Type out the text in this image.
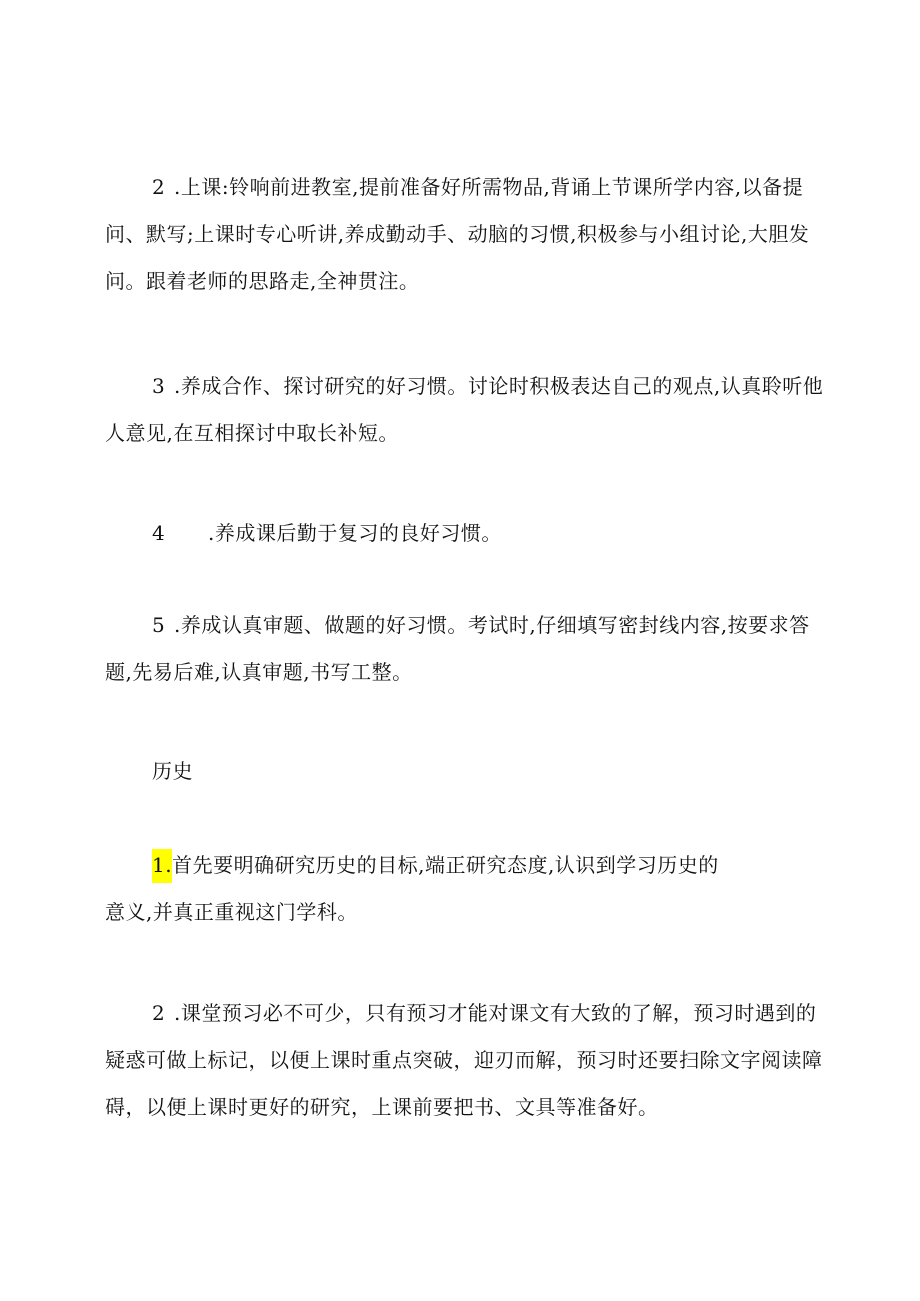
2 .上课:铃响前进教室,提前准备好所需物品,背诵上节课所学内容,以备提问、默写;上课时专心听讲,养成勤动手、动脑的习惯,积极参与小组讨论,大胆发问。跟着老师的思路走,全神贯注。

3 .养成合作、探讨研究的好习惯。讨论时积极表达自己的观点,认真聆听他人意见,在互相探讨中取长补短。

4 .养成课后勤于复习的良好习惯。

5 .养成认真审题、做题的好习惯。考试时,仔细填写密封线内容,按要求答题,先易后难,认真审题,书写工整。

历史

1.首先要明确研究历史的目标,端正研究态度,认识到学习历史的
意义,并真正重视这门学科。

2 .课堂预习必不可少，只有预习才能对课文有大致的了解，预习时遇到的疑惑可做上标记，以便上课时重点突破，迎刃而解，预习时还要扫除文字阅读障碍，以便上课时更好的研究，上课前要把书、文具等准备好。
